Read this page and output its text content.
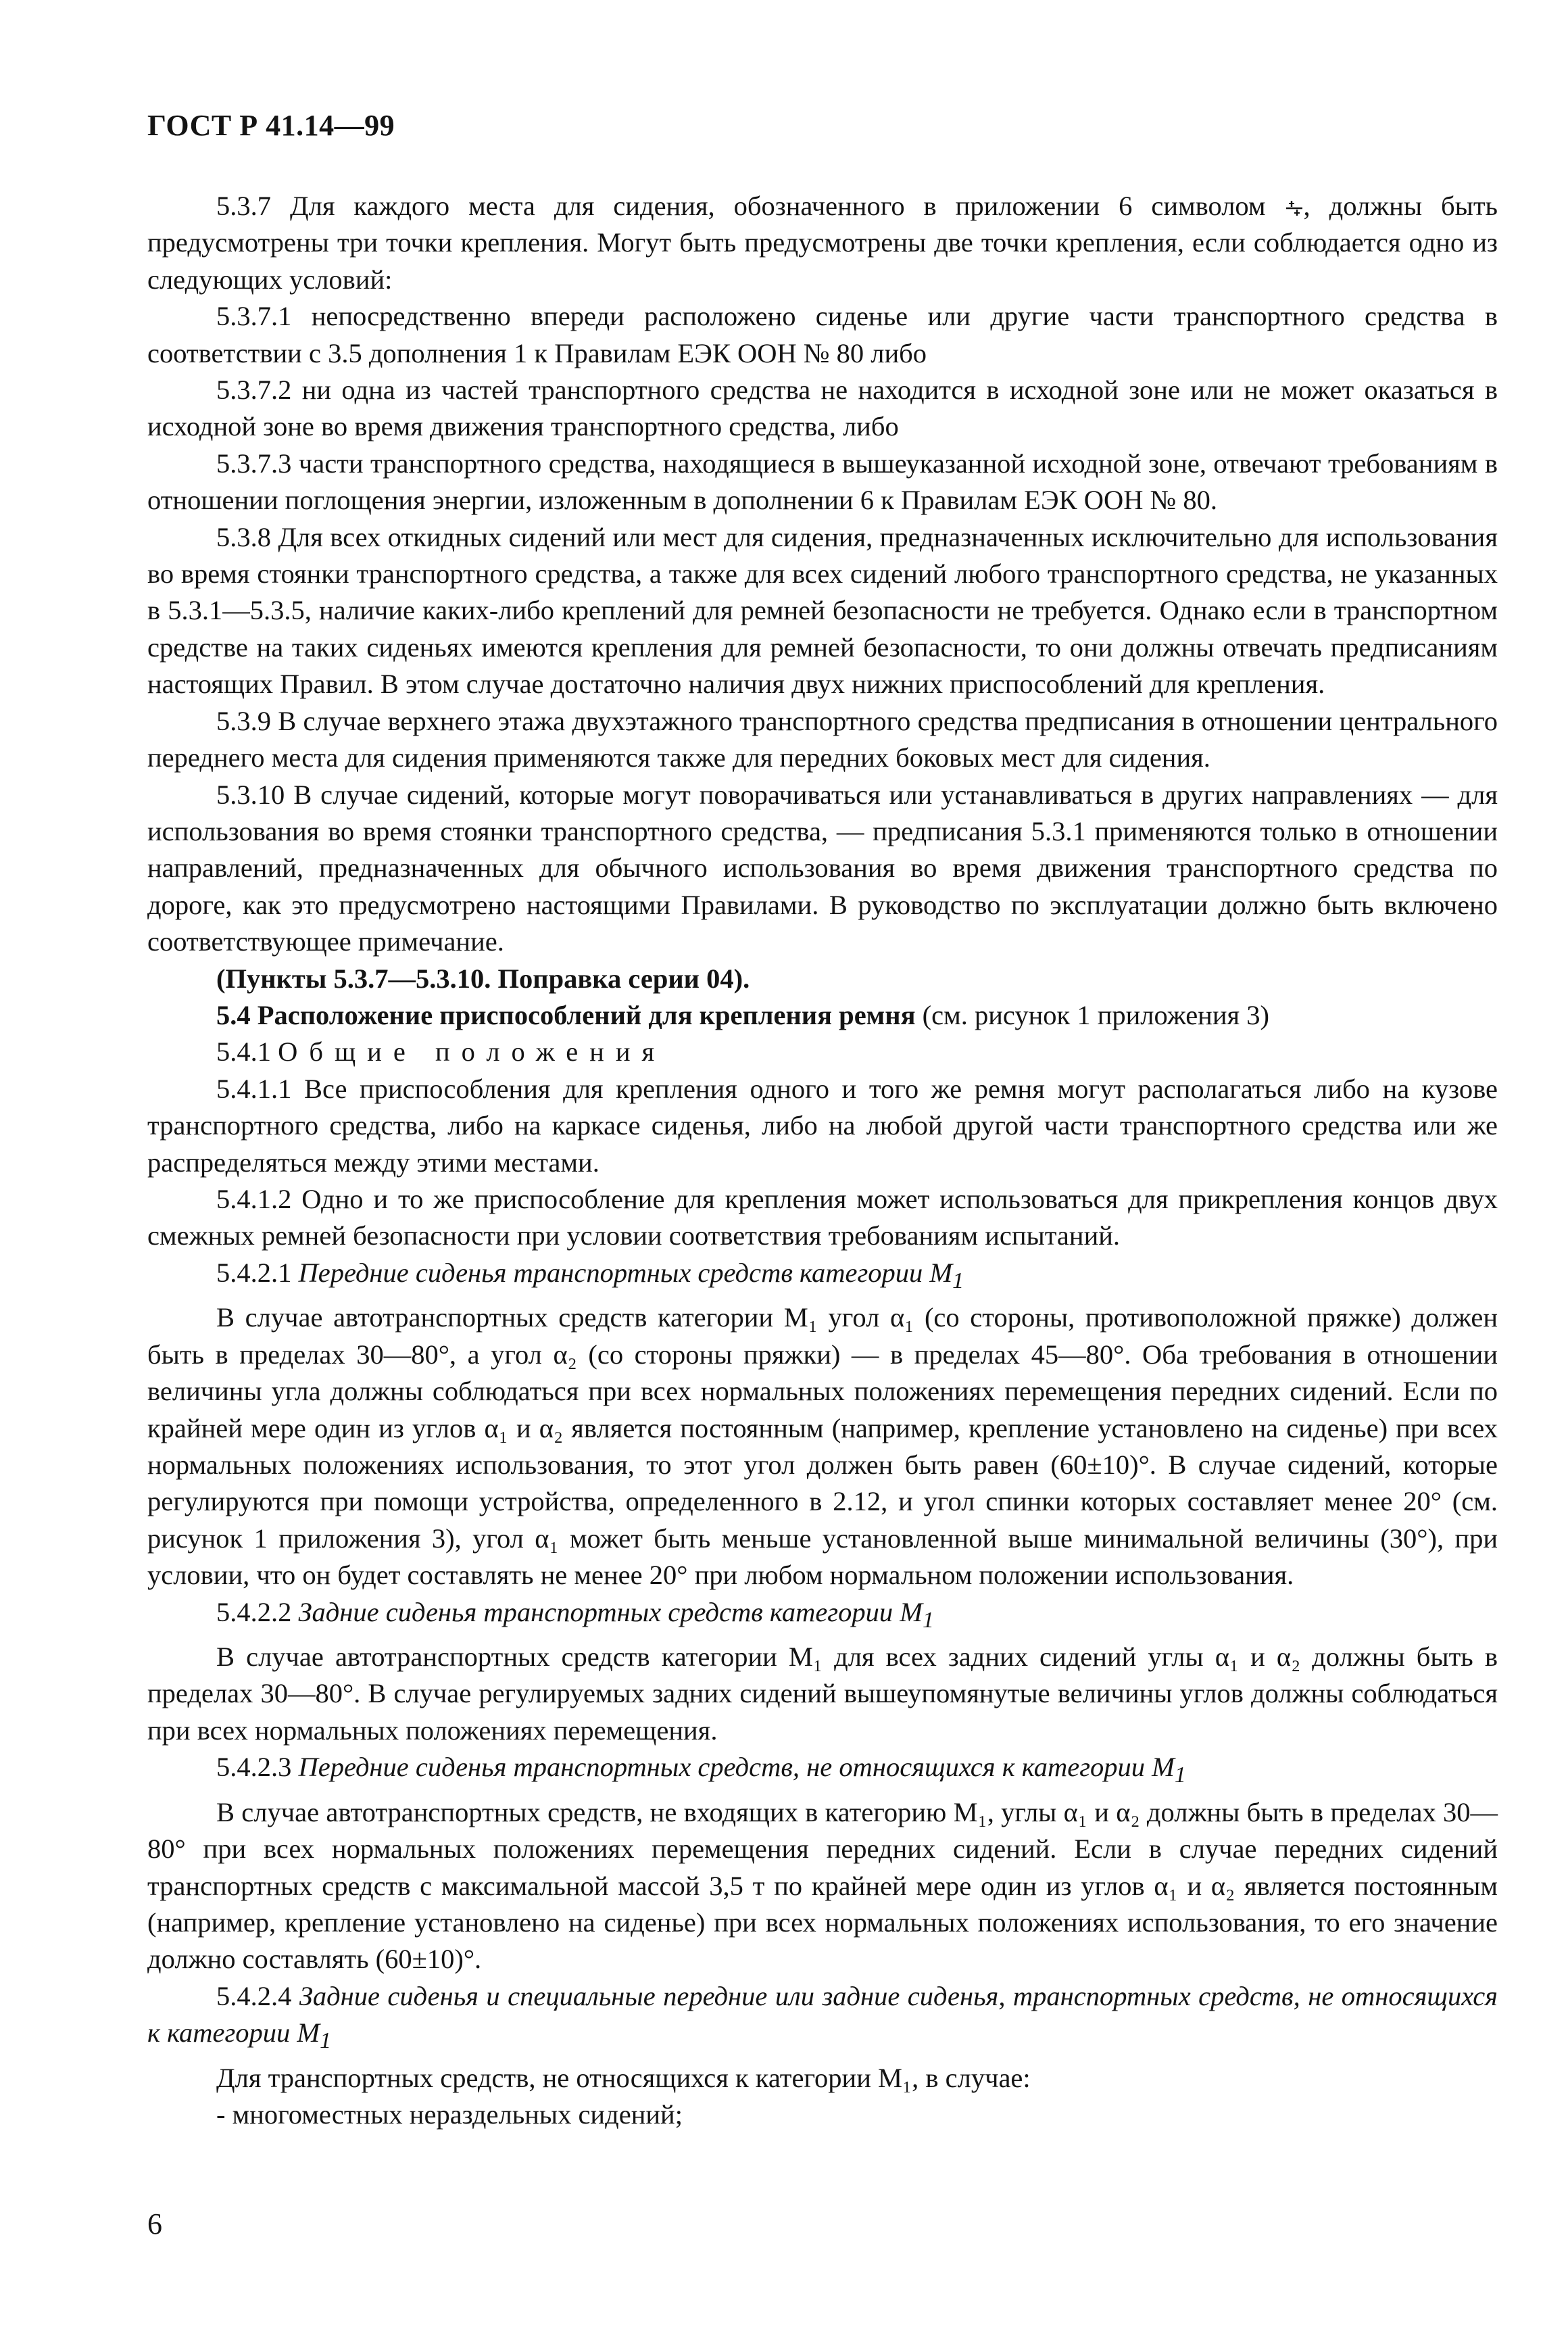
ГОСТ Р 41.14—99

5.3.7 Для каждого места для сидения, обозначенного в приложении 6 символом , должны быть предусмотрены три точки крепления. Могут быть предусмотрены две точки крепления, если соблюдается одно из следующих условий:

5.3.7.1 непосредственно впереди расположено сиденье или другие части транспортного средства в соответствии с 3.5 дополнения 1 к Правилам ЕЭК ООН № 80 либо

5.3.7.2 ни одна из частей транспортного средства не находится в исходной зоне или не может оказаться в исходной зоне во время движения транспортного средства, либо

5.3.7.3 части транспортного средства, находящиеся в вышеуказанной исходной зоне, отвечают требованиям в отношении поглощения энергии, изложенным в дополнении 6 к Правилам ЕЭК ООН № 80.

5.3.8 Для всех откидных сидений или мест для сидения, предназначенных исключительно для использования во время стоянки транспортного средства, а также для всех сидений любого транспортного средства, не указанных в 5.3.1—5.3.5, наличие каких-либо креплений для ремней безопасности не требуется. Однако если в транспортном средстве на таких сиденьях имеются крепления для ремней безопасности, то они должны отвечать предписаниям настоящих Правил. В этом случае достаточно наличия двух нижних приспособлений для крепления.

5.3.9 В случае верхнего этажа двухэтажного транспортного средства предписания в отношении центрального переднего места для сидения применяются также для передних боковых мест для сидения.

5.3.10 В случае сидений, которые могут поворачиваться или устанавливаться в других направлениях — для использования во время стоянки транспортного средства, — предписания 5.3.1 применяются только в отношении направлений, предназначенных для обычного использования во время движения транспортного средства по дороге, как это предусмотрено настоящими Правилами. В руководство по эксплуатации должно быть включено соответствующее примечание.

(Пункты 5.3.7—5.3.10. Поправка серии 04).

5.4 Расположение приспособлений для крепления ремня (см. рисунок 1 приложения 3)

5.4.1 Общие положения

5.4.1.1 Все приспособления для крепления одного и того же ремня могут располагаться либо на кузове транспортного средства, либо на каркасе сиденья, либо на любой другой части транспортного средства или же распределяться между этими местами.

5.4.1.2 Одно и то же приспособление для крепления может использоваться для прикрепления концов двух смежных ремней безопасности при условии соответствия требованиям испытаний.

5.4.2.1 Передние сиденья транспортных средств категории $M_1$

В случае автотранспортных средств категории M₁ угол α₁ (со стороны, противоположной пряжке) должен быть в пределах 30—80°, а угол α₂ (со стороны пряжки) — в пределах 45—80°. Оба требования в отношении величины угла должны соблюдаться при всех нормальных положениях перемещения передних сидений. Если по крайней мере один из углов α₁ и α₂ является постоянным (например, крепление установлено на сиденье) при всех нормальных положениях использования, то этот угол должен быть равен (60±10)°. В случае сидений, которые регулируются при помощи устройства, определенного в 2.12, и угол спинки которых составляет менее 20° (см. рисунок 1 приложения 3), угол α₁ может быть меньше установленной выше минимальной величины (30°), при условии, что он будет составлять не менее 20° при любом нормальном положении использования.

5.4.2.2 Задние сиденья транспортных средств категории $M_1$

В случае автотранспортных средств категории M₁ для всех задних сидений углы α₁ и α₂ должны быть в пределах 30—80°. В случае регулируемых задних сидений вышеупомянутые величины углов должны соблюдаться при всех нормальных положениях перемещения.

5.4.2.3 Передние сиденья транспортных средств, не относящихся к категории $M_1$

В случае автотранспортных средств, не входящих в категорию M₁, углы α₁ и α₂ должны быть в пределах 30—80° при всех нормальных положениях перемещения передних сидений. Если в случае передних сидений транспортных средств с максимальной массой 3,5 т по крайней мере один из углов α₁ и α₂ является постоянным (например, крепление установлено на сиденье) при всех нормальных положениях использования, то его значение должно составлять (60±10)°.

5.4.2.4 Задние сиденья и специальные передние или задние сиденья, транспортных средств, не относящихся к категории $M_1$

Для транспортных средств, не относящихся к категории M₁, в случае:

- многоместных нераздельных сидений;

6
